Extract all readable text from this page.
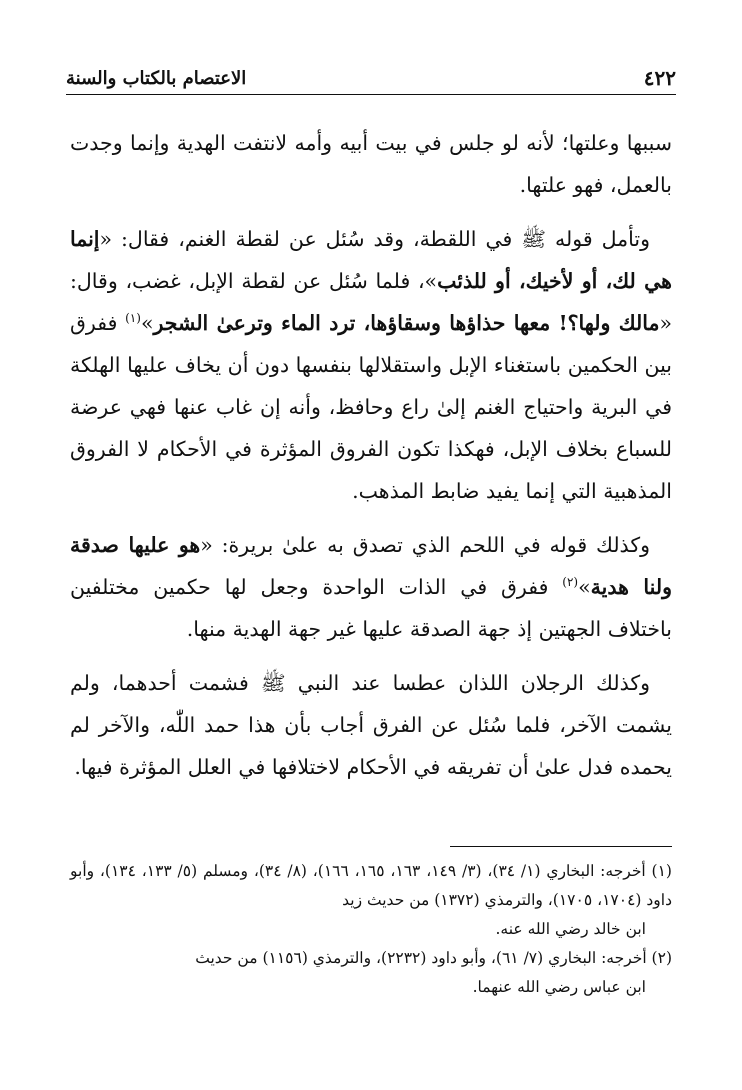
٤٢٢
الاعتصام بالكتاب والسنة

سببها وعلتها؛ لأنه لو جلس في بيت أبيه وأمه لانتفت الهدية وإنما وجدت بالعمل، فهو علتها.

وتأمل قوله ﷺ في اللقطة، وقد سُئل عن لقطة الغنم، فقال: «إنما هي لك، أو لأخيك، أو للذئب»، فلما سُئل عن لقطة الإبل، غضب، وقال: «مالك ولها؟! معها حذاؤها وسقاؤها، ترد الماء وترعىٰ الشجر»$^{(١)}$ ففرق بين الحكمين باستغناء الإبل واستقلالها بنفسها دون أن يخاف عليها الهلكة في البرية واحتياج الغنم إلىٰ راع وحافظ، وأنه إن غاب عنها فهي عرضة للسباع بخلاف الإبل، فهكذا تكون الفروق المؤثرة في الأحكام لا الفروق المذهبية التي إنما يفيد ضابط المذهب.

وكذلك قوله في اللحم الذي تصدق به علىٰ بريرة: «هو عليها صدقة ولنا هدية»$^{(٢)}$ ففرق في الذات الواحدة وجعل لها حكمين مختلفين باختلاف الجهتين إذ جهة الصدقة عليها غير جهة الهدية منها.

وكذلك الرجلان اللذان عطسا عند النبي ﷺ فشمت أحدهما، ولم يشمت الآخر، فلما سُئل عن الفرق أجاب بأن هذا حمد اللّٰه، والآخر لم يحمده فدل علىٰ أن تفريقه في الأحكام لاختلافها في العلل المؤثرة فيها.

(١) أخرجه: البخاري (١/ ٣٤)، (٣/ ١٤٩، ١٦٣، ١٦٥، ١٦٦)، (٨/ ٣٤)، ومسلم (٥/ ١٣٣، ١٣٤)، وأبو داود (١٧٠٤، ١٧٠٥)، والترمذي (١٣٧٢) من حديث زيد

ابن خالد رضي الله عنه.

(٢) أخرجه: البخاري (٧/ ٦١)، وأبو داود (٢٢٣٢)، والترمذي (١١٥٦) من حديث

ابن عباس رضي الله عنهما.
